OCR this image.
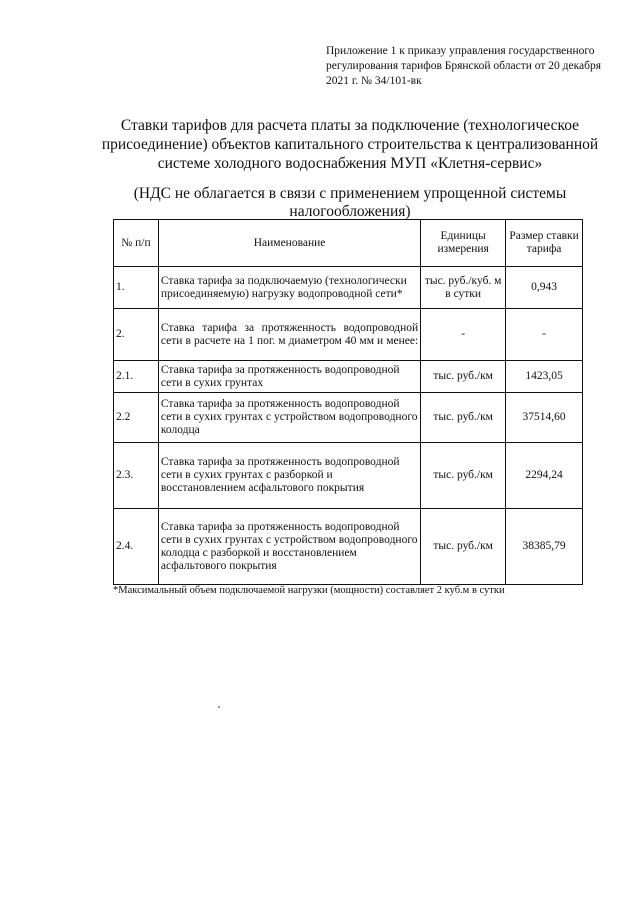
Приложение 1 к приказу управления государственного регулирования тарифов Брянской области от 20 декабря 2021 г. № 34/101-вк
Ставки тарифов для расчета платы за подключение (технологическое присоединение) объектов капитального строительства к централизованной системе холодного водоснабжения МУП «Клетня-сервис»
(НДС не облагается в связи с применением упрощенной системы налогообложения)
№ п/п	Наименование	Единицы измерения	Размер ставки тарифа
1.	Ставка тарифа за подключаемую (технологически присоединяемую) нагрузку водопроводной сети*	тыс. руб./куб. м в сутки	0,943
2.	Ставка тарифа за протяженность водопроводной сети в расчете на 1 пог. м диаметром 40 мм и менее:	-	-
2.1.	Ставка тарифа за протяженность водопроводной сети в сухих грунтах	тыс. руб./км	1423,05
2.2	Ставка тарифа за протяженность водопроводной сети в сухих грунтах с устройством водопроводного колодца	тыс. руб./км	37514,60
2.3.	Ставка тарифа за протяженность водопроводной сети в сухих грунтах с разборкой и восстановлением асфальтового покрытия	тыс. руб./км	2294,24
2.4.	Ставка тарифа за протяженность водопроводной сети в сухих грунтах с устройством водопроводного колодца с разборкой и восстановлением асфальтового покрытия	тыс. руб./км	38385,79
*Максимальный объем подключаемой нагрузки (мощности) составляет 2 куб.м в сутки
